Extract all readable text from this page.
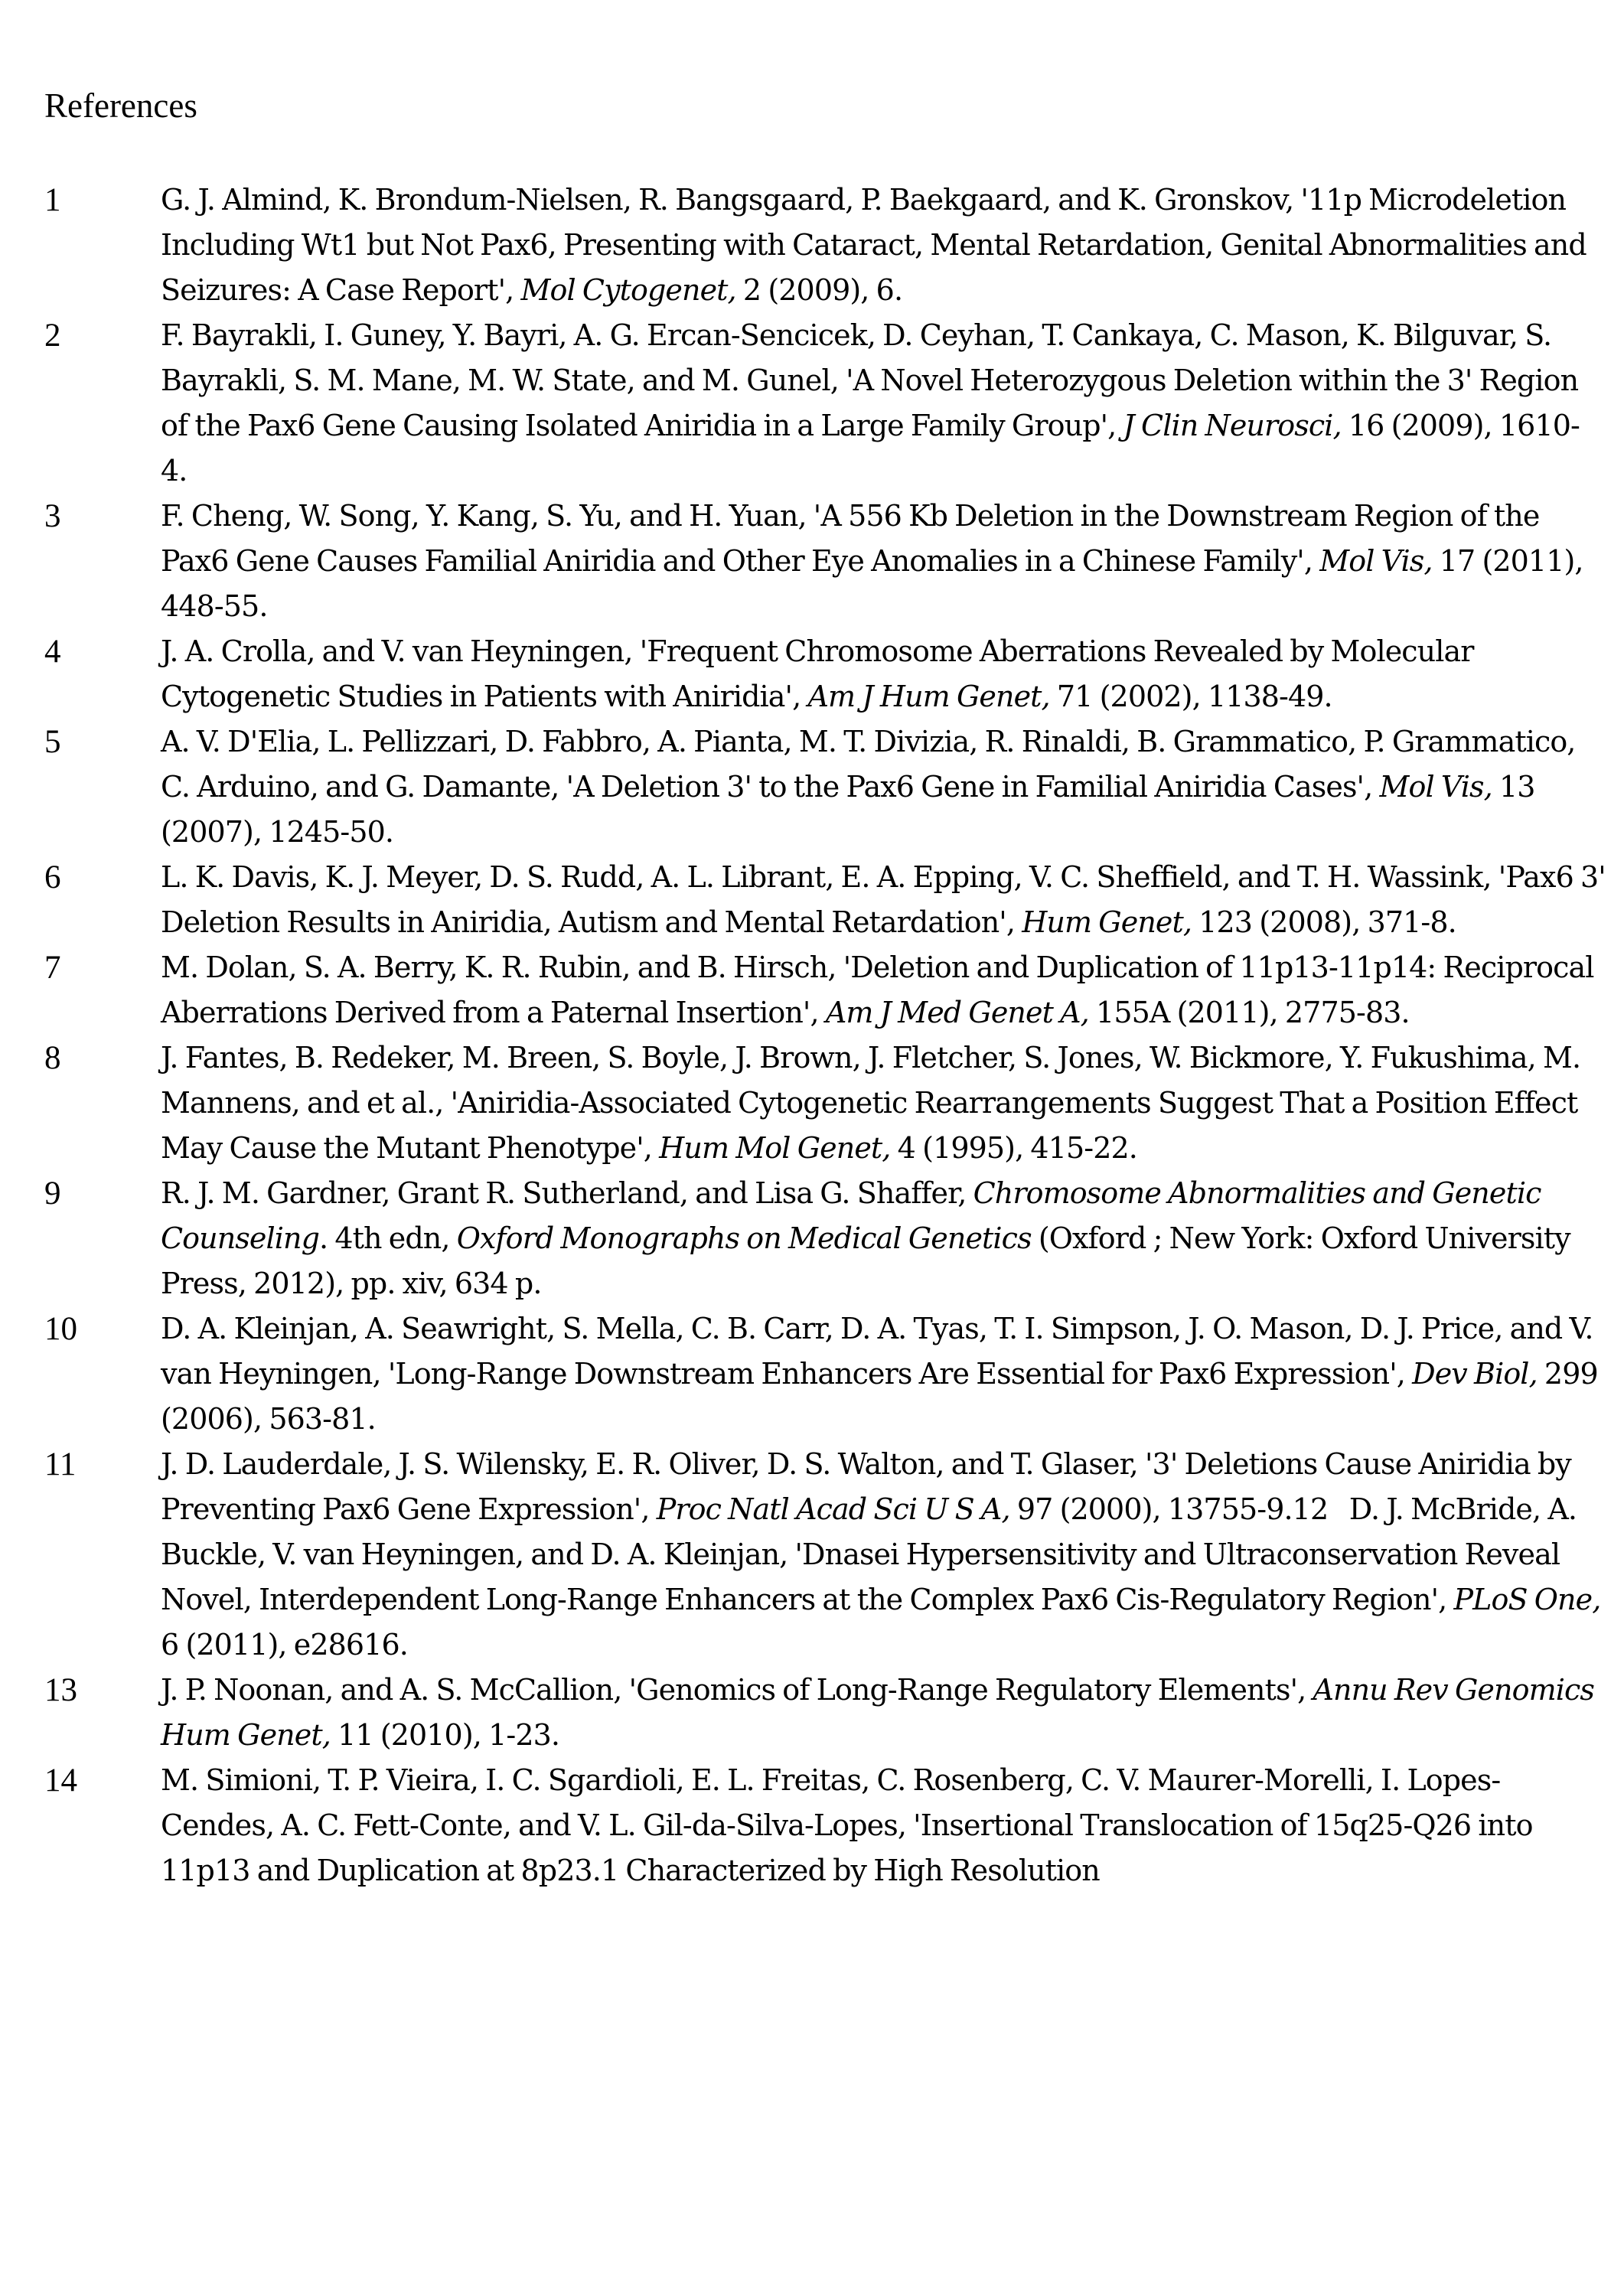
References
1	G. J. Almind, K. Brondum-Nielsen, R. Bangsgaard, P. Baekgaard, and K. Gronskov, '11p Microdeletion Including Wt1 but Not Pax6, Presenting with Cataract, Mental Retardation, Genital Abnormalities and Seizures: A Case Report', Mol Cytogenet, 2 (2009), 6.
2	F. Bayrakli, I. Guney, Y. Bayri, A. G. Ercan-Sencicek, D. Ceyhan, T. Cankaya, C. Mason, K. Bilguvar, S. Bayrakli, S. M. Mane, M. W. State, and M. Gunel, 'A Novel Heterozygous Deletion within the 3' Region of the Pax6 Gene Causing Isolated Aniridia in a Large Family Group', J Clin Neurosci, 16 (2009), 1610-4.
3	F. Cheng, W. Song, Y. Kang, S. Yu, and H. Yuan, 'A 556 Kb Deletion in the Downstream Region of the Pax6 Gene Causes Familial Aniridia and Other Eye Anomalies in a Chinese Family', Mol Vis, 17 (2011), 448-55.
4	J. A. Crolla, and V. van Heyningen, 'Frequent Chromosome Aberrations Revealed by Molecular Cytogenetic Studies in Patients with Aniridia', Am J Hum Genet, 71 (2002), 1138-49.
5	A. V. D'Elia, L. Pellizzari, D. Fabbro, A. Pianta, M. T. Divizia, R. Rinaldi, B. Grammatico, P. Grammatico, C. Arduino, and G. Damante, 'A Deletion 3' to the Pax6 Gene in Familial Aniridia Cases', Mol Vis, 13 (2007), 1245-50.
6	L. K. Davis, K. J. Meyer, D. S. Rudd, A. L. Librant, E. A. Epping, V. C. Sheffield, and T. H. Wassink, 'Pax6 3' Deletion Results in Aniridia, Autism and Mental Retardation', Hum Genet, 123 (2008), 371-8.
7	M. Dolan, S. A. Berry, K. R. Rubin, and B. Hirsch, 'Deletion and Duplication of 11p13-11p14: Reciprocal Aberrations Derived from a Paternal Insertion', Am J Med Genet A, 155A (2011), 2775-83.
8	J. Fantes, B. Redeker, M. Breen, S. Boyle, J. Brown, J. Fletcher, S. Jones, W. Bickmore, Y. Fukushima, M. Mannens, and et al., 'Aniridia-Associated Cytogenetic Rearrangements Suggest That a Position Effect May Cause the Mutant Phenotype', Hum Mol Genet, 4 (1995), 415-22.
9	R. J. M. Gardner, Grant R. Sutherland, and Lisa G. Shaffer, Chromosome Abnormalities and Genetic Counseling. 4th edn, Oxford Monographs on Medical Genetics (Oxford ; New York: Oxford University Press, 2012), pp. xiv, 634 p.
10	D. A. Kleinjan, A. Seawright, S. Mella, C. B. Carr, D. A. Tyas, T. I. Simpson, J. O. Mason, D. J. Price, and V. van Heyningen, 'Long-Range Downstream Enhancers Are Essential for Pax6 Expression', Dev Biol, 299 (2006), 563-81.
11	J. D. Lauderdale, J. S. Wilensky, E. R. Oliver, D. S. Walton, and T. Glaser, '3' Deletions Cause Aniridia by Preventing Pax6 Gene Expression', Proc Natl Acad Sci U S A, 97 (2000), 13755-9.12   D. J. McBride, A. Buckle, V. van Heyningen, and D. A. Kleinjan, 'Dnasei Hypersensitivity and Ultraconservation Reveal Novel, Interdependent Long-Range Enhancers at the Complex Pax6 Cis-Regulatory Region', PLoS One, 6 (2011), e28616.
13	J. P. Noonan, and A. S. McCallion, 'Genomics of Long-Range Regulatory Elements', Annu Rev Genomics Hum Genet, 11 (2010), 1-23.
14	M. Simioni, T. P. Vieira, I. C. Sgardioli, E. L. Freitas, C. Rosenberg, C. V. Maurer-Morelli, I. Lopes-Cendes, A. C. Fett-Conte, and V. L. Gil-da-Silva-Lopes, 'Insertional Translocation of 15q25-Q26 into 11p13 and Duplication at 8p23.1 Characterized by High Resolution
